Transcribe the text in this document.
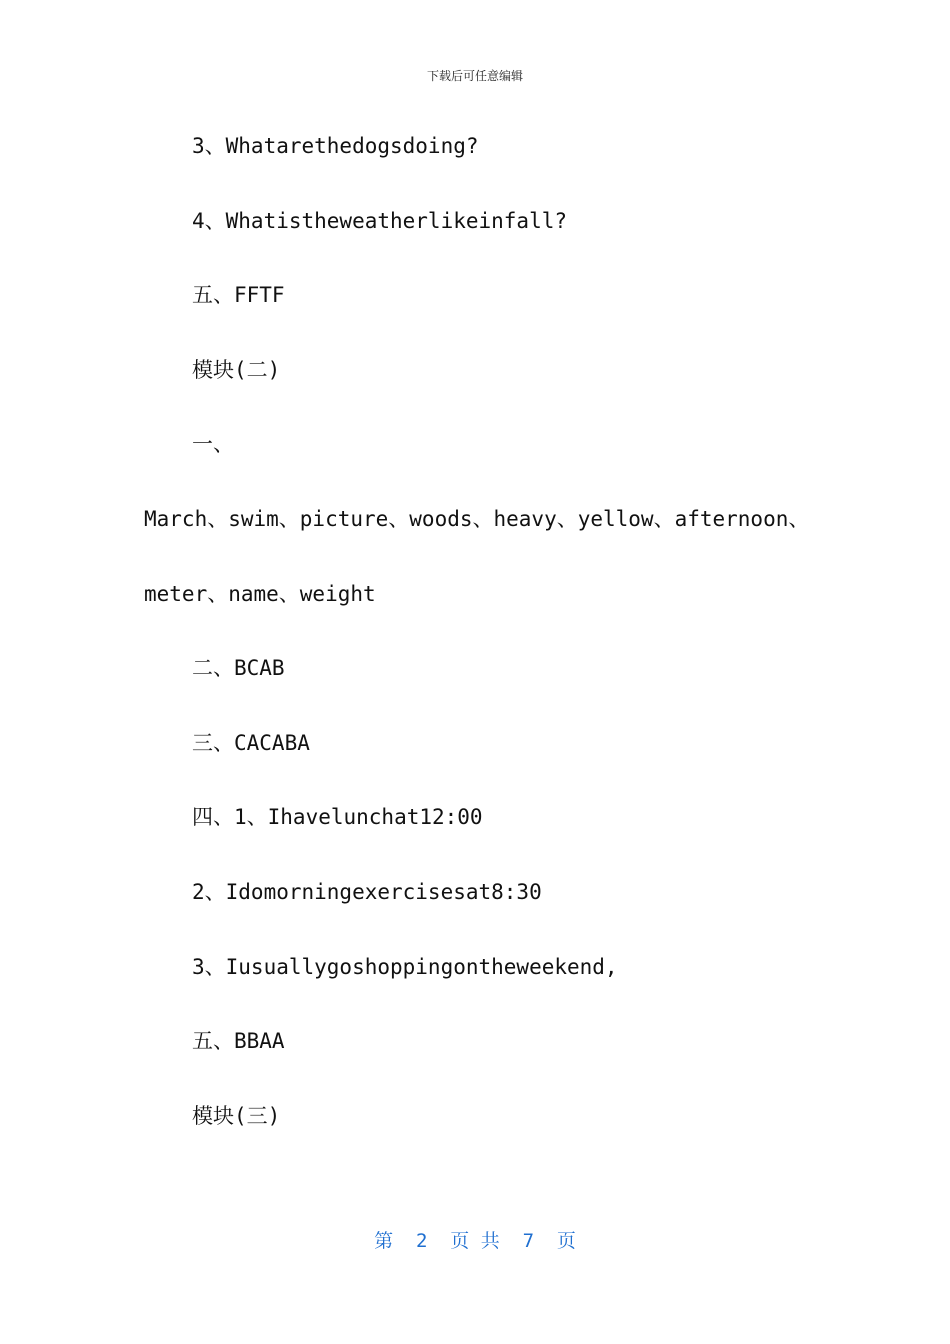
下载后可任意编辑
3、Whatarethedogsdoing?
4、Whatistheweatherlikeinfall?
五、FFTF
模块(二)
一、
March、swim、picture、woods、heavy、yellow、afternoon、
meter、name、weight
二、BCAB
三、CACABA
四、1、Ihavelunchat12:00
2、Idomorningexercisesat8:30
3、Iusuallygoshoppingontheweekend,
五、BBAA
模块(三)
第  2  页 共  7  页
